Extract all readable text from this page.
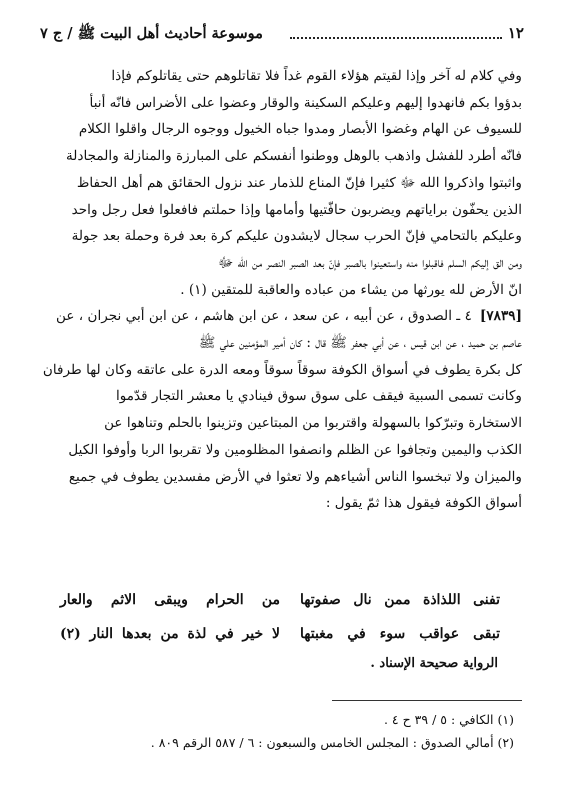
١٢
موسوعة أحاديث أهل البيت ﷺ / ج ٧

وفي كلام له آخر وإذا لقيتم هؤلاء القوم غداً فلا تقاتلوهم حتى يقاتلوكم فإذا

بدؤوا بكم فانهدوا إليهم وعليكم السكينة والوقار وعضوا على الأضراس فانّه أنبأ

للسيوف عن الهام وغضوا الأبصار ومدوا جباه الخيول ووجوه الرجال واقلوا الكلام

فانّه أطرد للفشل واذهب بالوهل ووطنوا أنفسكم على المبارزة والمنازلة والمجادلة

واثبتوا واذكروا الله ﷻ كثيرا فإنّ المناع للذمار عند نزول الحقائق هم أهل الحفاظ

الذين يحفّون براياتهم ويضربون حافّتيها وأمامها وإذا حملتم فافعلوا فعل رجل واحد

وعليكم بالتحامي فإنّ الحرب سجال لايشدون عليكم كرة بعد فرة وحملة بعد جولة

ومن الق إليكم السلم فاقبلوا منه واستعينوا بالصبر فإنّ بعد الصبر النصر من الله ﷻ

انّ الأرض لله يورثها من يشاء من عباده والعاقبة للمتقين (١) .

[٧٨٣٩]
٤ ـ الصدوق ، عن أبيه ، عن سعد ، عن ابن هاشم ، عن ابن أبي نجران ، عن

عاصم بن حميد ، عن ابن قيس ، عن أبي جعفر ﷺ قال : كان أمير المؤمنين علي ﷺ

كل بكرة يطوف في أسواق الكوفة سوقاً سوقاً ومعه الدرة على عاتقه وكان لها طرفان

وكانت تسمى السبية فيقف على سوق سوق فينادي يا معشر التجار قدّموا

الاستخارة وتبرّكوا بالسهولة واقتربوا من المبتاعين وتزينوا بالحلم وتناهوا عن

الكذب واليمين وتجافوا عن الظلم وانصفوا المظلومين ولا تقربوا الربا وأوفوا الكيل

والميزان ولا تبخسوا الناس أشياءهم ولا تعثوا في الأرض مفسدين يطوف في جميع

أسواق الكوفة فيقول هذا ثمّ يقول :

تفنى اللذاذة ممن نال صفوتها
من الحرام ويبقى الاثم والعار
تبقى عواقب سوء في مغبتها
لا خير في لذة من بعدها النار (٢)
الرواية صحيحة الإسناد .

(١) الكافي : ٥ / ٣٩ ح ٤ .

(٢) أمالي الصدوق : المجلس الخامس والسبعون : ٦ / ٥٨٧ الرقم ٨٠٩ .
